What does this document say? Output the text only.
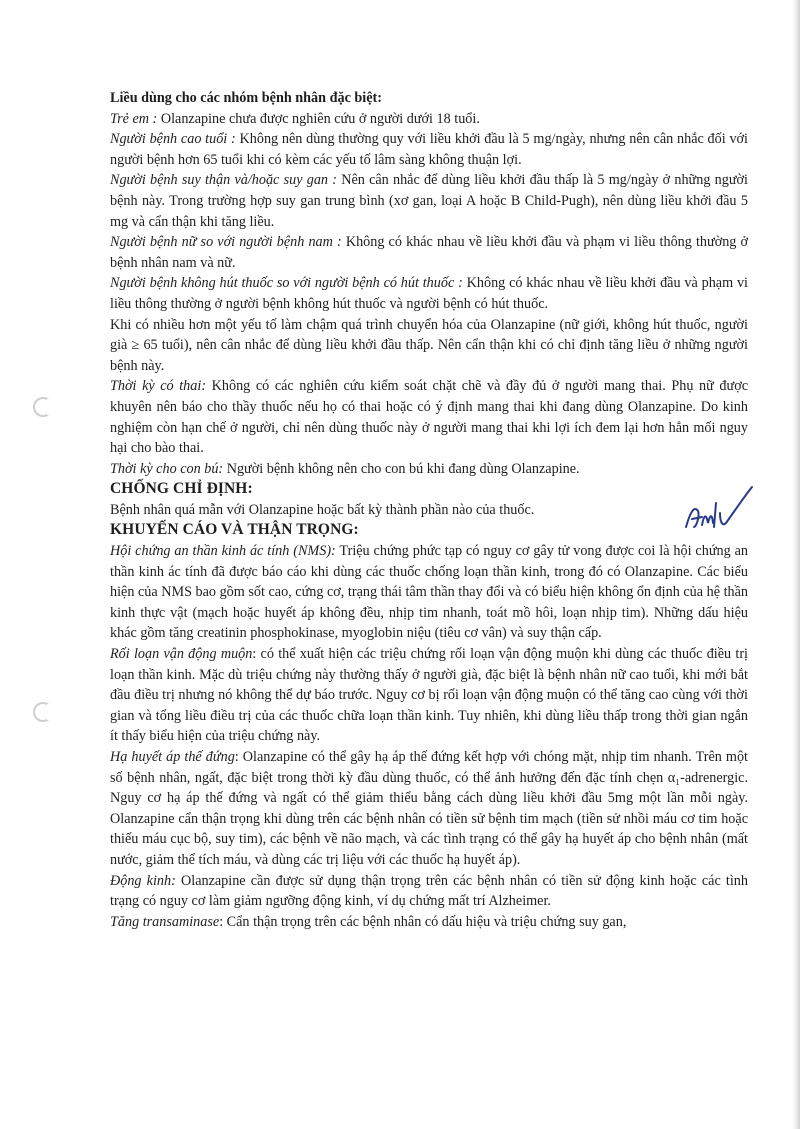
Liều dùng cho các nhóm bệnh nhân đặc biệt:

Trẻ em : Olanzapine chưa được nghiên cứu ở người dưới 18 tuổi.

Người bệnh cao tuổi : Không nên dùng thường quy với liều khởi đầu là 5 mg/ngày, nhưng nên cân nhắc đối với người bệnh hơn 65 tuổi khi có kèm các yếu tố lâm sàng không thuận lợi.

Người bệnh suy thận và/hoặc suy gan : Nên cân nhắc để dùng liều khởi đầu thấp là 5 mg/ngày ở những người bệnh này. Trong trường hợp suy gan trung bình (xơ gan, loại A hoặc B Child-Pugh), nên dùng liều khởi đầu 5 mg và cẩn thận khi tăng liều.

Người bệnh nữ so với người bệnh nam : Không có khác nhau về liều khởi đầu và phạm vi liều thông thường ở bệnh nhân nam và nữ.

Người bệnh không hút thuốc so với người bệnh có hút thuốc : Không có khác nhau về liều khởi đầu và phạm vi liều thông thường ở người bệnh không hút thuốc và người bệnh có hút thuốc.

Khi có nhiều hơn một yếu tố làm chậm quá trình chuyển hóa của Olanzapine (nữ giới, không hút thuốc, người già ≥ 65 tuổi), nên cân nhắc để dùng liều khởi đầu thấp. Nên cẩn thận khi có chỉ định tăng liều ở những người bệnh này.

Thời kỳ có thai: Không có các nghiên cứu kiểm soát chặt chẽ và đầy đủ ở người mang thai. Phụ nữ được khuyên nên báo cho thầy thuốc nếu họ có thai hoặc có ý định mang thai khi đang dùng Olanzapine. Do kinh nghiệm còn hạn chế ở người, chỉ nên dùng thuốc này ở người mang thai khi lợi ích đem lại hơn hẳn mối nguy hại cho bào thai.

Thời kỳ cho con bú: Người bệnh không nên cho con bú khi đang dùng Olanzapine.

CHỐNG CHỈ ĐỊNH:

Bệnh nhân quá mẫn với Olanzapine hoặc bất kỳ thành phần nào của thuốc.

KHUYẾN CÁO VÀ THẬN TRỌNG:

Hội chứng an thần kinh ác tính (NMS): Triệu chứng phức tạp có nguy cơ gây tử vong được coi là hội chứng an thần kinh ác tính đã được báo cáo khi dùng các thuốc chống loạn thần kinh, trong đó có Olanzapine. Các biểu hiện của NMS bao gồm sốt cao, cứng cơ, trạng thái tâm thần thay đổi và có biểu hiện không ổn định của hệ thần kinh thực vật (mạch hoặc huyết áp không đều, nhịp tim nhanh, toát mồ hôi, loạn nhịp tim). Những dấu hiệu khác gồm tăng creatinin phosphokinase, myoglobin niệu (tiêu cơ vân) và suy thận cấp.

Rối loạn vận động muộn: có thể xuất hiện các triệu chứng rối loạn vận động muộn khi dùng các thuốc điều trị loạn thần kinh. Mặc dù triệu chứng này thường thấy ở người già, đặc biệt là bệnh nhân nữ cao tuổi, khi mới bắt đầu điều trị nhưng nó không thể dự báo trước. Nguy cơ bị rối loạn vận động muộn có thể tăng cao cùng với thời gian và tổng liều điều trị của các thuốc chữa loạn thần kinh. Tuy nhiên, khi dùng liều thấp trong thời gian ngắn ít thấy biểu hiện của triệu chứng này.

Hạ huyết áp thế đứng: Olanzapine có thể gây hạ áp thế đứng kết hợp với chóng mặt, nhịp tim nhanh. Trên một số bệnh nhân, ngất, đặc biệt trong thời kỳ đầu dùng thuốc, có thể ảnh hưởng đến đặc tính chẹn α₁-adrenergic. Nguy cơ hạ áp thế đứng và ngất có thể giảm thiểu bằng cách dùng liều khởi đầu 5mg một lần mỗi ngày. Olanzapine cẩn thận trọng khi dùng trên các bệnh nhân có tiền sử bệnh tim mạch (tiền sử nhồi máu cơ tim hoặc thiếu máu cục bộ, suy tim), các bệnh về não mạch, và các tình trạng có thể gây hạ huyết áp cho bệnh nhân (mất nước, giảm thể tích máu, và dùng các trị liệu với các thuốc hạ huyết áp).

Động kinh: Olanzapine cần được sử dụng thận trọng trên các bệnh nhân có tiền sử động kinh hoặc các tình trạng có nguy cơ làm giảm ngưỡng động kinh, ví dụ chứng mất trí Alzheimer.

Tăng transaminase: Cẩn thận trọng trên các bệnh nhân có dấu hiệu và triệu chứng suy gan,
